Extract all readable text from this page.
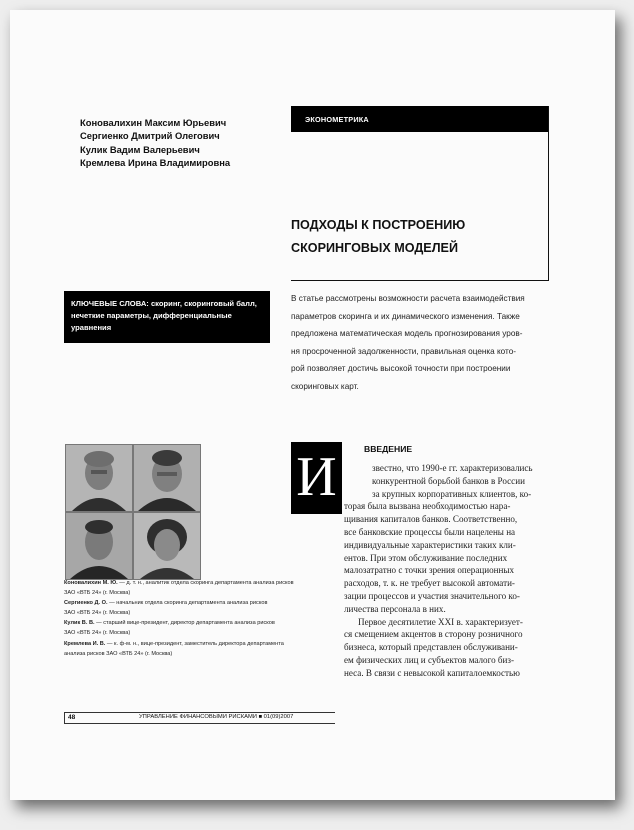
Коновалихин Максим Юрьевич
Сергиенко Дмитрий Олегович
Кулик Вадим Валерьевич
Кремлева Ирина Владимировна
ЭКОНОМЕТРИКА
ПОДХОДЫ К ПОСТРОЕНИЮ
СКОРИНГОВЫХ МОДЕЛЕЙ
КЛЮЧЕВЫЕ СЛОВА: скоринг, скоринговый балл, нечеткие параметры, дифференциальные уравнения
В статье рассмотрены возможности расчета взаимодействия
параметров скоринга и их динамического изменения. Также
предложена математическая модель прогнозирования уров-
ня просроченной задолженности, правильная оценка кото-
рой позволяет достичь высокой точности при построении
скоринговых карт.
Коновалихин М. Ю. — д. т. н., аналитик отдела скоринга департамента анализа рисков
ЗАО «ВТБ 24» (г. Москва)
Сергиенко Д. О. — начальник отдела скоринга департамента анализа рисков
ЗАО «ВТБ 24» (г. Москва)
Кулик В. В. — старший вице-президент, директор департамента анализа рисков
ЗАО «ВТБ 24» (г. Москва)
Кремлева И. В. — к. ф-м. н., вице-президент, заместитель директора департамента
анализа рисков ЗАО «ВТБ 24» (г. Москва)
И	ВВЕДЕНИЕ
звестно, что 1990-е гг. характеризовались
конкурентной борьбой банков в России
за крупных корпоративных клиентов, ко-
торая была вызвана необходимостью нара-
щивания капиталов банков. Соответственно,
все банковские процессы были нацелены на
индивидуальные характеристики таких кли-
ентов. При этом обслуживание последних
малозатратно с точки зрения операционных
расходов, т. к. не требует высокой автомати-
зации процессов и участия значительного ко-
личества персонала в них.
Первое десятилетие XXI в. характеризует-
ся смещением акцентов в сторону розничного
бизнеса, который представлен обслуживани-
ем физических лиц и субъектов малого биз-
неса. В связи с невысокой капиталоемкостью
48	УПРАВЛЕНИЕ ФИНАНСОВЫМИ РИСКАМИ ■ 01(09)2007
